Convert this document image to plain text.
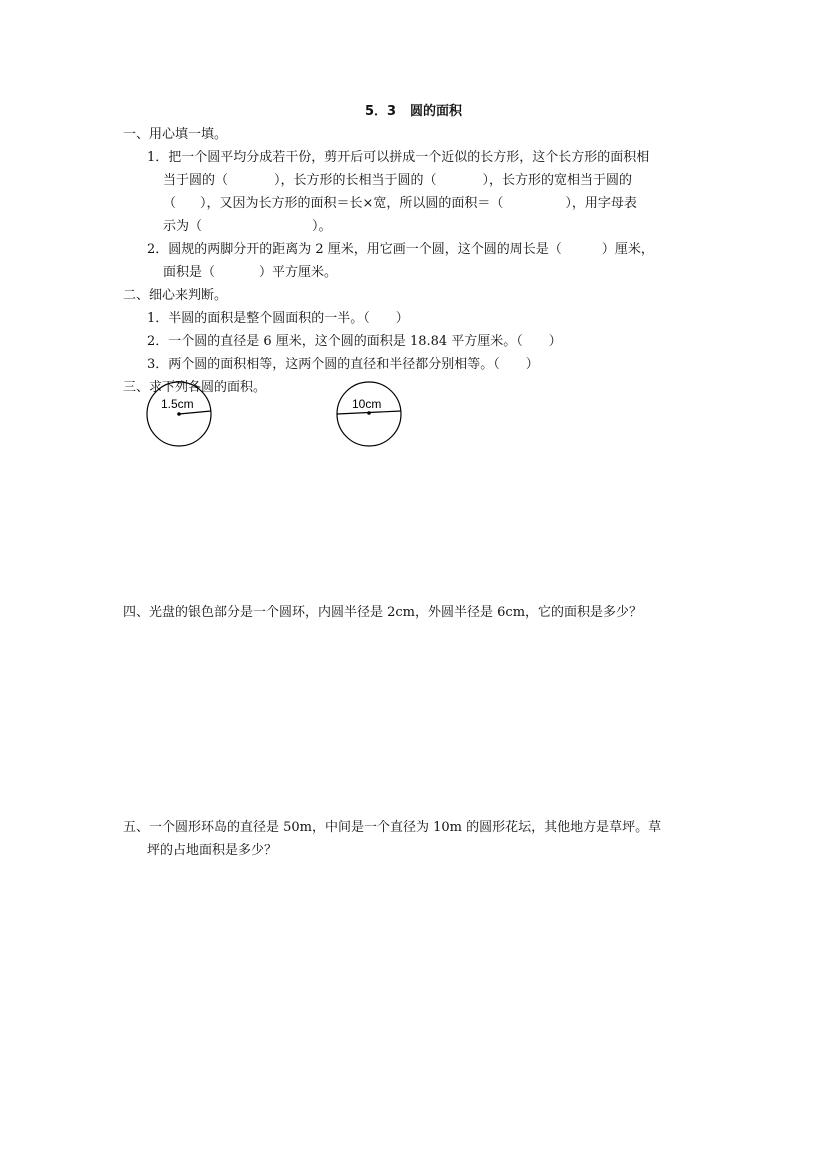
5．3 圆的面积
一、用心填一填。
1．把一个圆平均分成若干份，剪开后可以拼成一个近似的长方形，这个长方形的面积相
当于圆的（	），长方形的长相当于圆的（	），长方形的宽相当于圆的
（ ），又因为长方形的面积＝长×宽，所以圆的面积＝（	），用字母表
示为（	）。
2．圆规的两脚分开的距离为 2 厘米，用它画一个圆，这个圆的周长是（	）厘米，
面积是（	）平方厘米。
二、细心来判断。
1．半圆的面积是整个圆面积的一半。（　　）
2．一个圆的直径是 6 厘米，这个圆的面积是 18.84 平方厘米。（　　）
3．两个圆的面积相等，这两个圆的直径和半径都分别相等。（　　）
三、求下列各圆的面积。
1.5cm	10cm
四、光盘的银色部分是一个圆环，内圆半径是 2cm，外圆半径是 6cm，它的面积是多少？
五、一个圆形环岛的直径是 50m，中间是一个直径为 10m 的圆形花坛，其他地方是草坪。草
坪的占地面积是多少？
